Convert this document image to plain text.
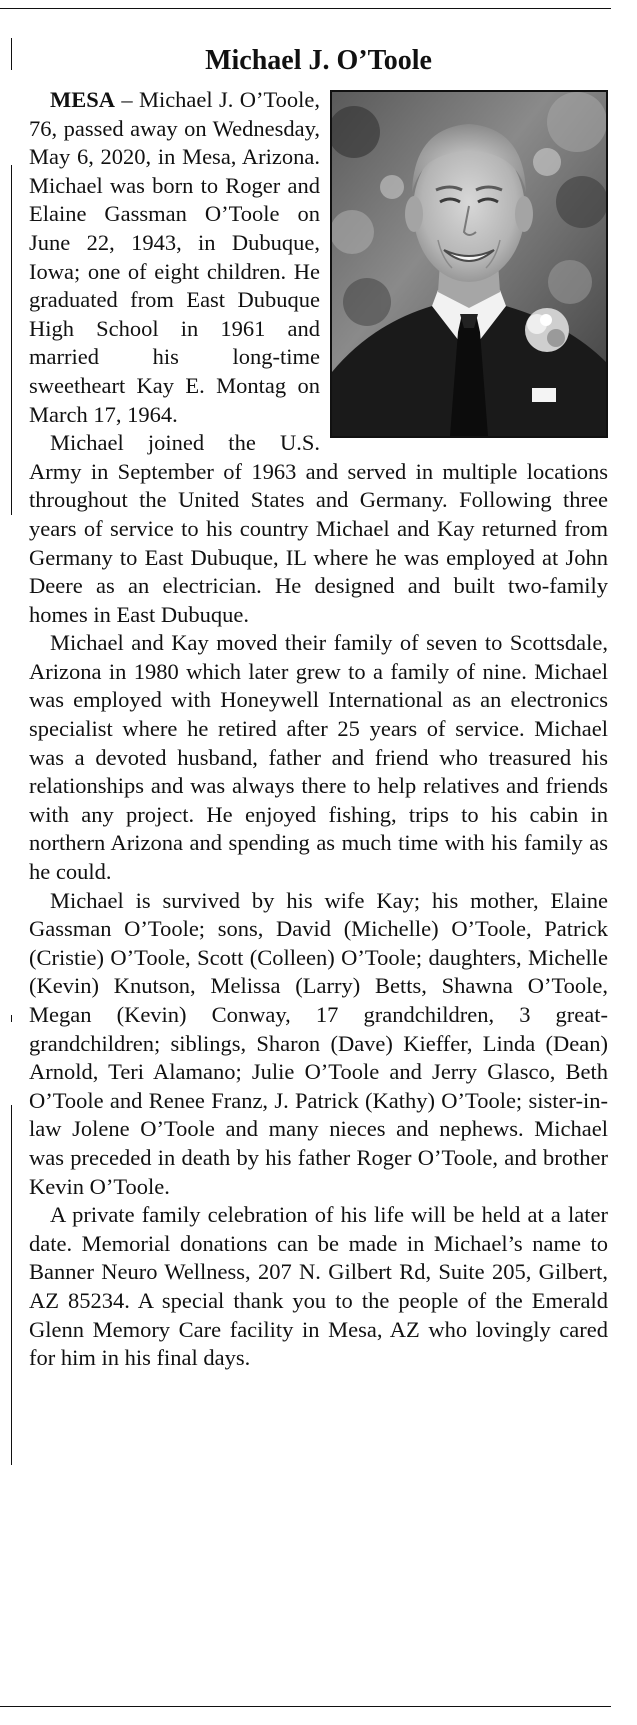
Michael J. O’Toole

MESA – Michael J. O’Toole, 76, passed away on Wednesday, May 6, 2020, in Mesa, Arizona. Michael was born to Roger and Elaine Gassman O’Toole on June 22, 1943, in Dubuque, Iowa; one of eight children. He graduated from East Dubuque High School in 1961 and married his long-time sweetheart Kay E. Montag on March 17, 1964.

Michael joined the U.S. Army in September of 1963 and served in multiple locations throughout the United States and Germany. Following three years of service to his country Michael and Kay returned from Germany to East Dubuque, IL where he was employed at John Deere as an electrician. He designed and built two-family homes in East Dubuque.

Michael and Kay moved their family of seven to Scottsdale, Arizona in 1980 which later grew to a family of nine. Michael was employed with Honeywell International as an electronics specialist where he retired after 25 years of service. Michael was a devoted husband, father and friend who treasured his relationships and was always there to help relatives and friends with any project. He enjoyed fishing, trips to his cabin in northern Arizona and spending as much time with his family as he could.

Michael is survived by his wife Kay; his mother, Elaine Gassman O’Toole; sons, David (Michelle) O’Toole, Patrick (Cristie) O’Toole, Scott (Colleen) O’Toole; daughters, Michelle (Kevin) Knutson, Melissa (Larry) Betts, Shawna O’Toole, Megan (Kevin) Conway, 17 grandchildren, 3 great-grandchildren; siblings, Sharon (Dave) Kieffer, Linda (Dean) Arnold, Teri Alamano; Julie O’Toole and Jerry Glasco, Beth O’Toole and Renee Franz, J. Patrick (Kathy) O’Toole; sister-in-law Jolene O’Toole and many nieces and nephews. Michael was preceded in death by his father Roger O’Toole, and brother Kevin O’Toole.

A private family celebration of his life will be held at a later date. Memorial donations can be made in Michael’s name to Banner Neuro Wellness, 207 N. Gilbert Rd, Suite 205, Gilbert, AZ 85234. A special thank you to the people of the Emerald Glenn Memory Care facility in Mesa, AZ who lovingly cared for him in his final days.
